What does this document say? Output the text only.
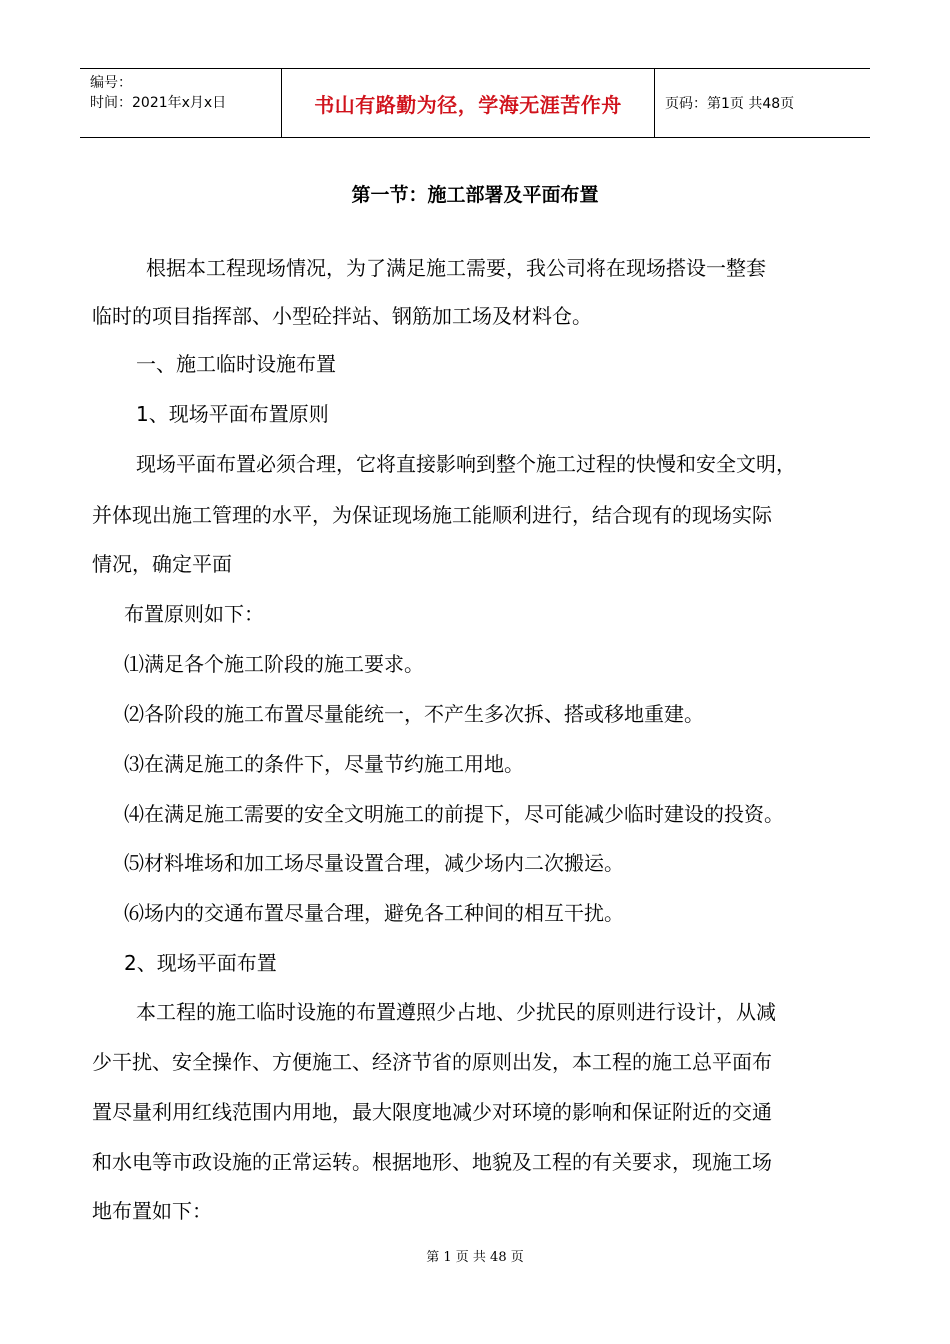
编号：
时间：2021年x月x日	书山有路勤为径，学海无涯苦作舟	页码：第1页 共48页
第一节：施工部署及平面布置
根据本工程现场情况，为了满足施工需要，我公司将在现场搭设一整套
临时的项目指挥部、小型砼拌站、钢筋加工场及材料仓。
一、施工临时设施布置
1、现场平面布置原则
现场平面布置必须合理，它将直接影响到整个施工过程的快慢和安全文明，
并体现出施工管理的水平，为保证现场施工能顺利进行，结合现有的现场实际
情况，确定平面
布置原则如下：
⑴满足各个施工阶段的施工要求。
⑵各阶段的施工布置尽量能统一，不产生多次拆、搭或移地重建。
⑶在满足施工的条件下，尽量节约施工用地。
⑷在满足施工需要的安全文明施工的前提下，尽可能减少临时建设的投资。
⑸材料堆场和加工场尽量设置合理，减少场内二次搬运。
⑹场内的交通布置尽量合理，避免各工种间的相互干扰。
2、现场平面布置
本工程的施工临时设施的布置遵照少占地、少扰民的原则进行设计，从减
少干扰、安全操作、方便施工、经济节省的原则出发，本工程的施工总平面布
置尽量利用红线范围内用地，最大限度地减少对环境的影响和保证附近的交通
和水电等市政设施的正常运转。根据地形、地貌及工程的有关要求，现施工场
地布置如下：
第 1 页 共 48 页
